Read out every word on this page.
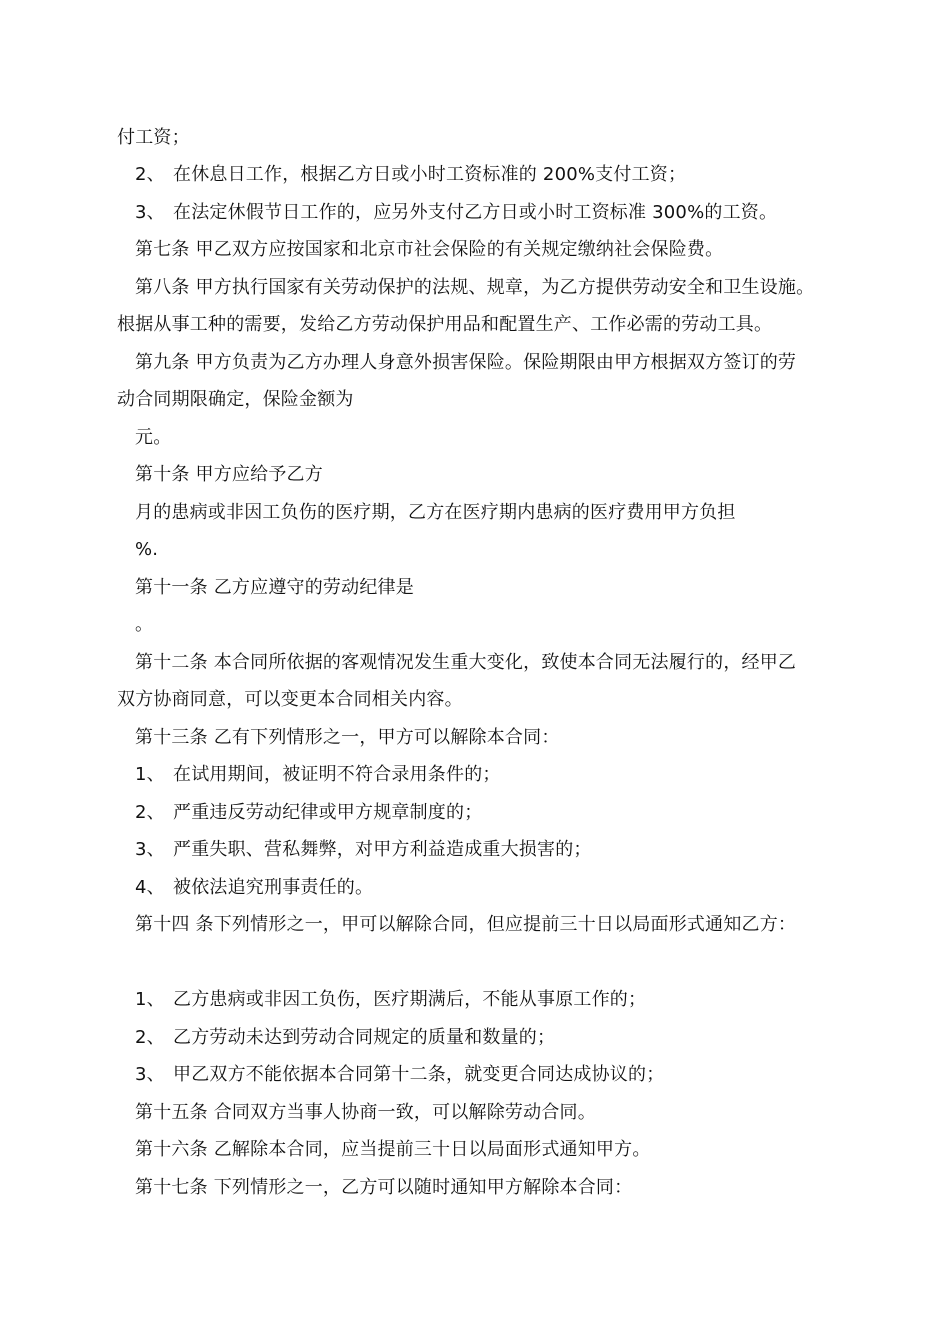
付工资；
2、 在休息日工作，根据乙方日或小时工资标准的 200%支付工资；
3、 在法定休假节日工作的，应另外支付乙方日或小时工资标准 300%的工资。
第七条 甲乙双方应按国家和北京市社会保险的有关规定缴纳社会保险费。
第八条 甲方执行国家有关劳动保护的法规、规章，为乙方提供劳动安全和卫生设施。
根据从事工种的需要，发给乙方劳动保护用品和配置生产、工作必需的劳动工具。
第九条 甲方负责为乙方办理人身意外损害保险。保险期限由甲方根据双方签订的劳
动合同期限确定，保险金额为
元。
第十条 甲方应给予乙方
月的患病或非因工负伤的医疗期，乙方在医疗期内患病的医疗费用甲方负担
%.
第十一条 乙方应遵守的劳动纪律是
。
第十二条 本合同所依据的客观情况发生重大变化，致使本合同无法履行的，经甲乙
双方协商同意，可以变更本合同相关内容。
第十三条 乙有下列情形之一，甲方可以解除本合同：
1、 在试用期间，被证明不符合录用条件的；
2、 严重违反劳动纪律或甲方规章制度的；
3、 严重失职、营私舞弊，对甲方利益造成重大损害的；
4、 被依法追究刑事责任的。
第十四 条下列情形之一，甲可以解除合同，但应提前三十日以局面形式通知乙方：
1、 乙方患病或非因工负伤，医疗期满后，不能从事原工作的；
2、 乙方劳动未达到劳动合同规定的质量和数量的；
3、 甲乙双方不能依据本合同第十二条，就变更合同达成协议的；
第十五条 合同双方当事人协商一致，可以解除劳动合同。
第十六条 乙解除本合同，应当提前三十日以局面形式通知甲方。
第十七条 下列情形之一，乙方可以随时通知甲方解除本合同：
